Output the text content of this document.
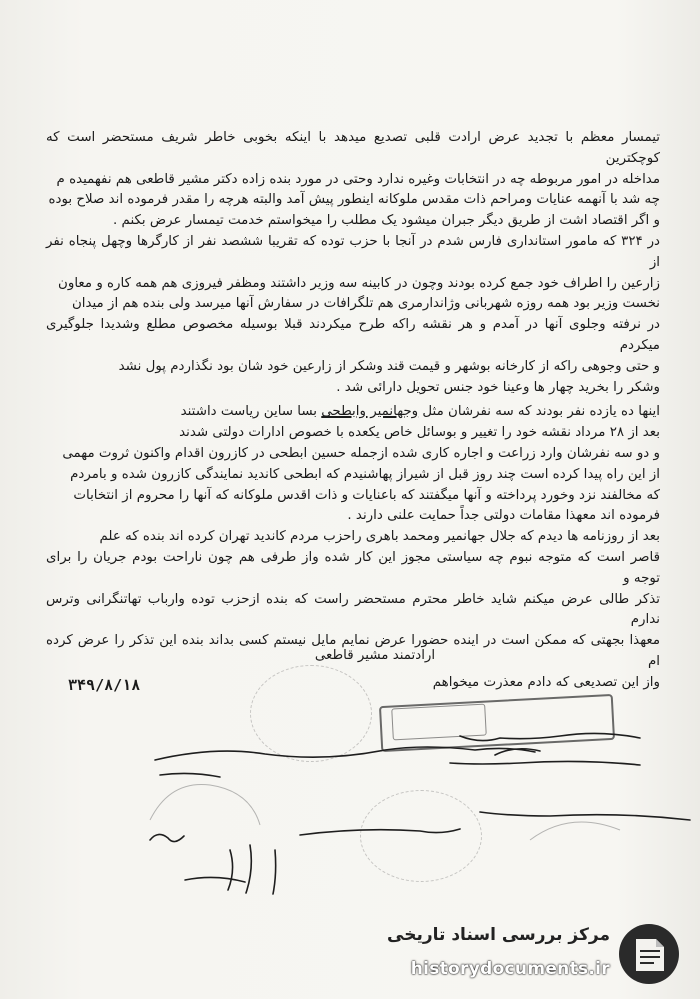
تیمسار معظم با تجدید عرض ارادت قلبی تصدیع میدهد با اینکه بخوبی خاطر شریف مستحضر است که کوچکترین

مداخله در امور مربوطه چه در انتخابات وغیره ندارد وحتی در مورد بنده زاده دکتر مشیر قاطعی هم نفهمیده م

چه شد با آنهمه عنایات ومراحم ذات مقدس ملوکانه اینطور پیش آمد والبته هرچه را مقدر فرموده اند صلاح بوده

و اگر اقتصاد اشت از طریق دیگر جبران میشود یک مطلب را میخواستم خدمت تیمسار عرض بکنم .

در ۳۲۴ که مامور استانداری فارس شدم در آنجا با حزب توده که تقریبا ششصد نفر از کارگرها وچهل پنجاه نفر از

زارعین را اطراف خود جمع کرده بودند وچون در کابینه سه وزیر داشتند ومظفر فیروزی هم همه کاره و معاون

نخست وزیر بود همه روزه شهربانی وژاندارمری هم تلگرافات در سفارش آنها میرسد ولی بنده هم از میدان

در نرفته وجلوی آنها در آمدم و هر نقشه راکه طرح میکردند قبلا بوسیله مخصوص مطلع وشدیدا جلوگیری میکردم

و حتی وجوهی راکه از کارخانه بوشهر و قیمت قند وشکر از زارعین خود شان بود نگذاردم پول نشد

وشکر را بخرید چهار ها وعینا خود جنس تحویل دارائی شد .

اینها ده یازده نفر بودند که سه نفرشان مثل وجهانمیر وابطحی بسا ساین ریاست داشتند

بعد از ۲۸ مرداد نقشه خود را تغییر و بوسائل خاص یکعده با خصوص ادارات دولتی شدند

و دو سه نفرشان وارد زراعت و اجاره کاری شده ازجمله حسین ابطحی در کازرون اقدام واکنون ثروت مهمی

از این راه پیدا کرده است چند روز قبل از شیراز پهاشنیدم که ابطحی کاندید نمایندگی کازرون شده و بامردم

که مخالفند نزد وخورد پرداخته و آنها میگفتند که باعنایات و ذات اقدس ملوکانه که آنها را محروم از انتخابات

فرموده اند معهذا مقامات دولتی جداً حمایت علنی دارند .

بعد از روزنامه ها دیدم که جلال جهانمیر ومحمد باهری راحزب مردم کاندید تهران کرده اند بنده که علم

قاصر است که متوجه نبوم چه سیاستی مجوز این کار شده واز طرفی هم چون ناراحت بودم جریان را برای توجه و

تذکر طالی عرض میکنم شاید خاطر محترم مستحضر راست که بنده ازحزب توده وارباب تهاتنگرانی وترس ندارم

معهذا بجهتی که ممکن است در اینده حضورا عرض نمایم مایل نیستم کسی بداند بنده این تذکر را عرض کرده ام

واز این تصدیعی که دادم معذرت میخواهم

ارادتمند مشیر قاطعی
۳۴۹/۸/۱۸
مرکز بررسی اسناد تاریخی
historydocuments.ir
